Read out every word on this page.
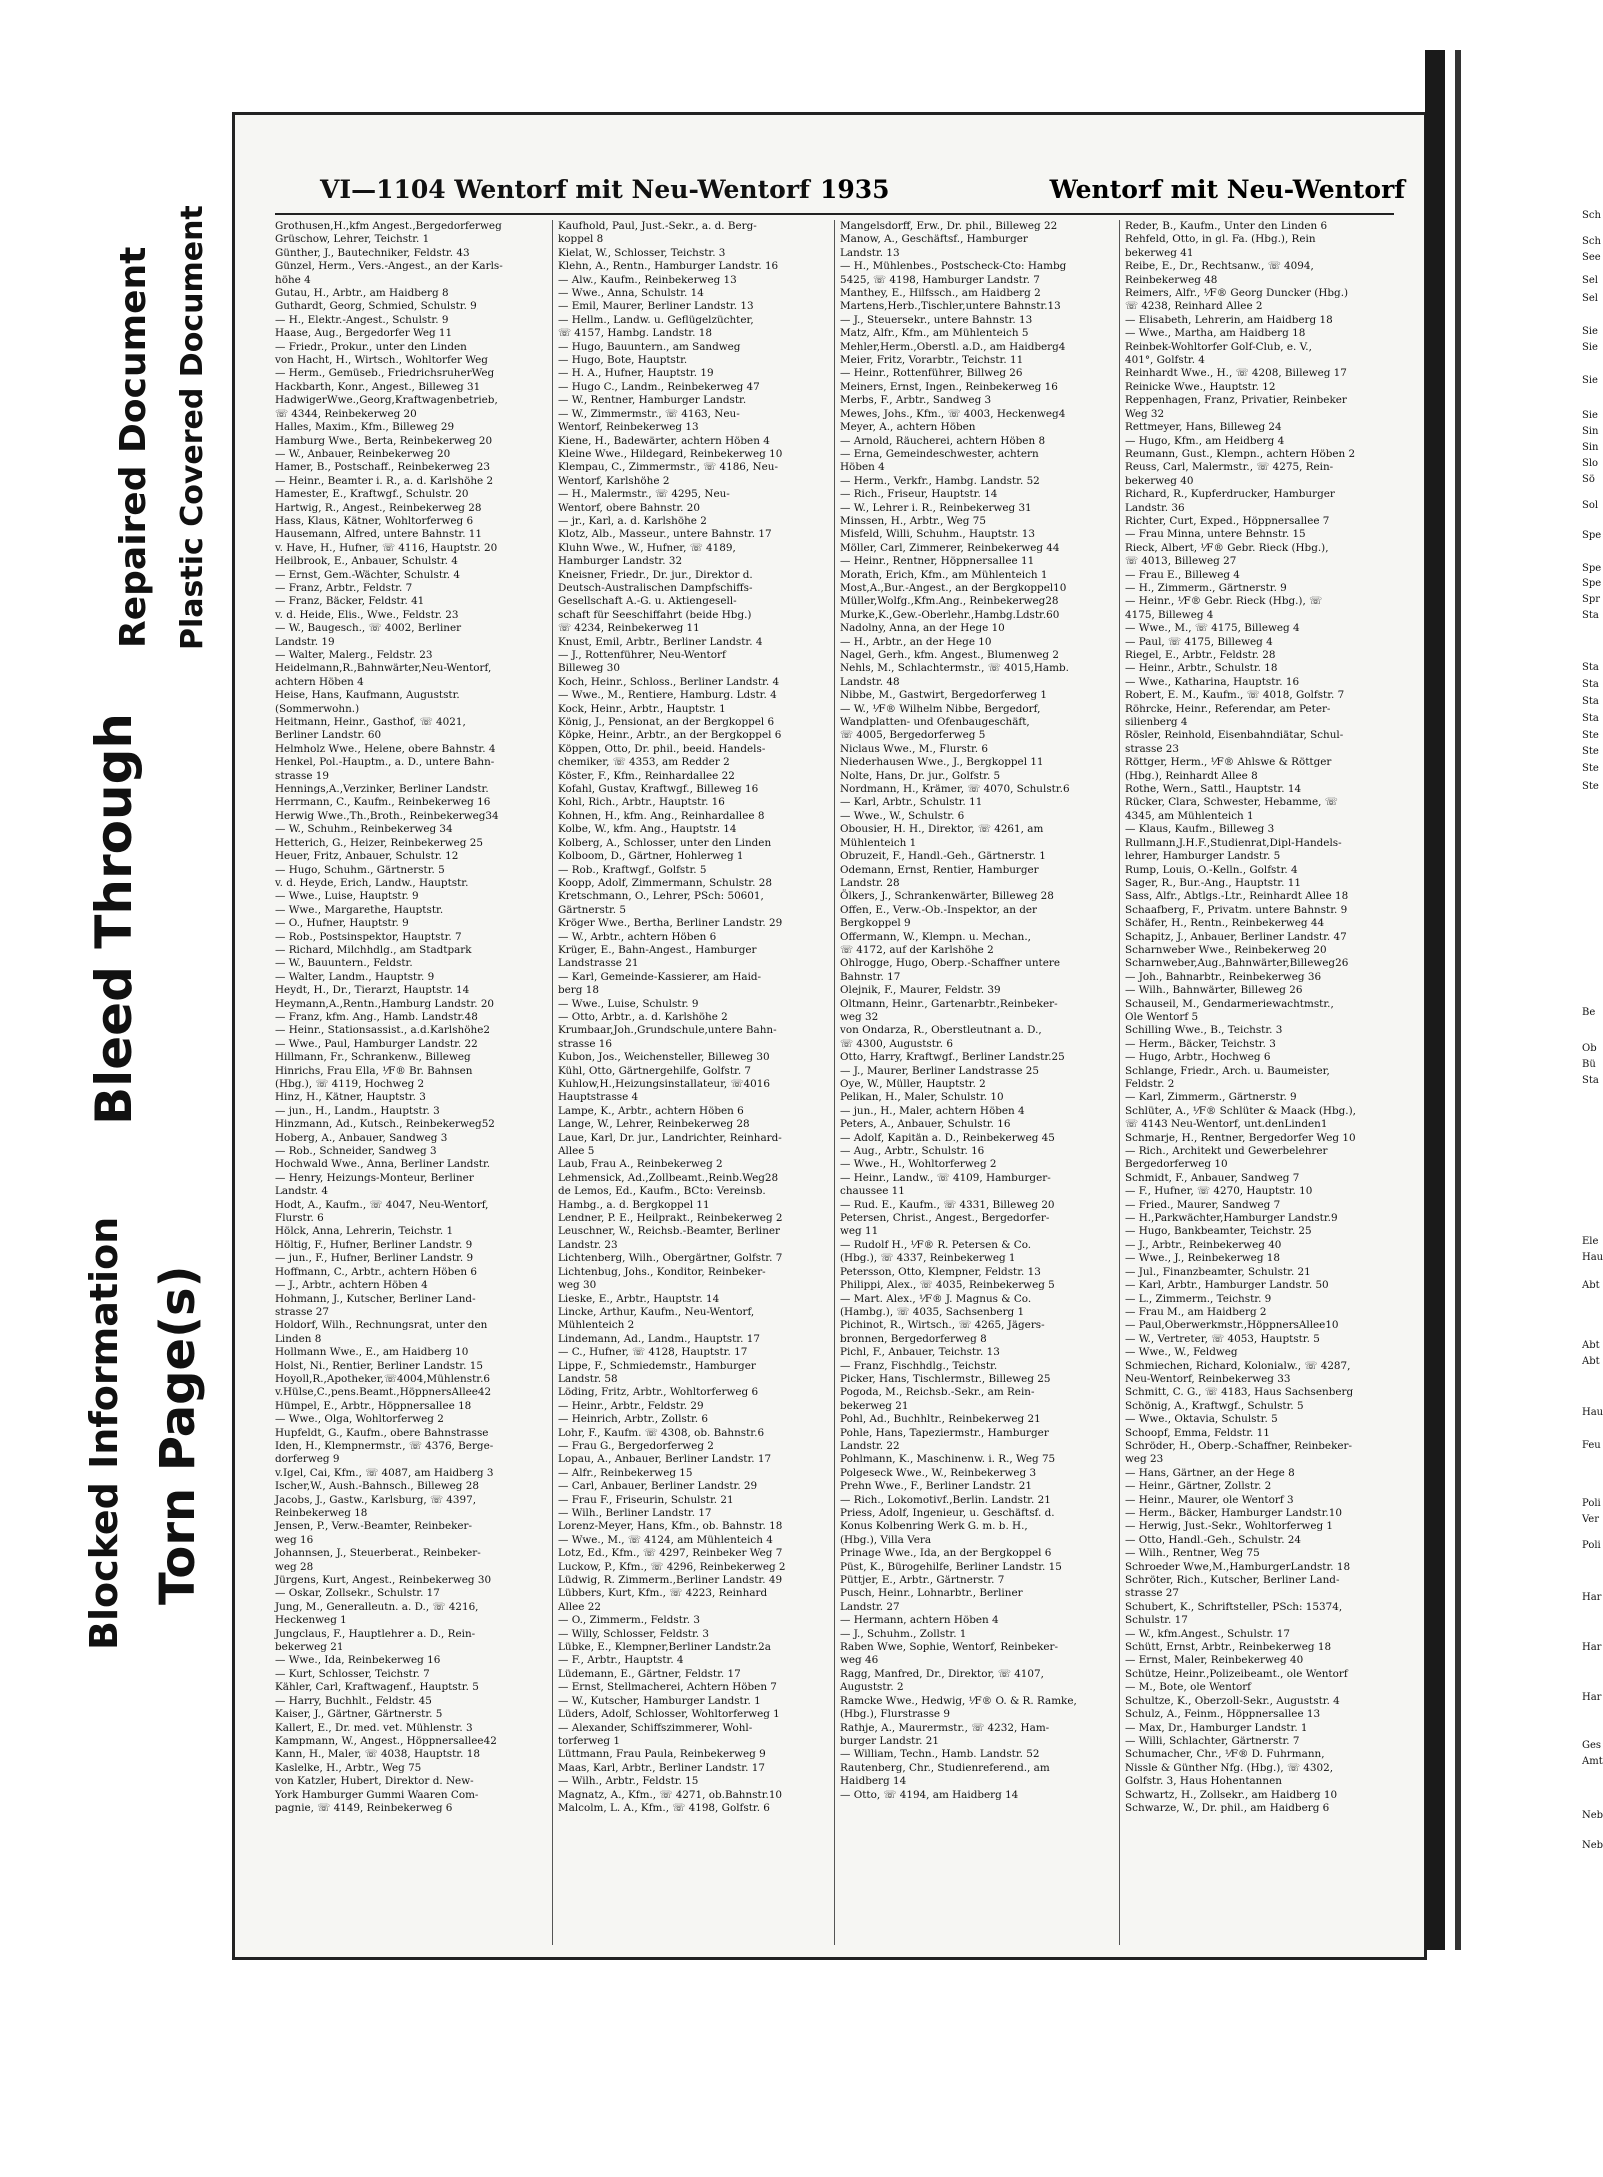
Blocked Information
Bleed Through
Torn Page(s)
Repaired Document Plastic Covered Document
VI—1104 Wentorf mit Neu-Wentorf 1935	Wentorf mit Neu-Wentorf
Grothusen,H.,kfm Angest.,Bergedorferweg
Grüschow, Lehrer, Teichstr. 1
Günther, J., Bautechniker, Feldstr. 43
Günzel, Herm., Vers.-Angest., an der Karls-
höhe 4
Gutau, H., Arbtr., am Haidberg 8
Guthardt, Georg, Schmied, Schulstr. 9
— H., Elektr.-Angest., Schulstr. 9
Haase, Aug., Bergedorfer Weg 11
— Friedr., Prokur., unter den Linden
von Hacht, H., Wirtsch., Wohltorfer Weg
— Herm., Gemüseb., FriedrichsruherWeg
Hackbarth, Konr., Angest., Billeweg 31
HadwigerWwe.,Georg,Kraftwagenbetrieb,
☏ 4344, Reinbekerweg 20
Halles, Maxim., Kfm., Billeweg 29
Hamburg Wwe., Berta, Reinbekerweg 20
— W., Anbauer, Reinbekerweg 20
Hamer, B., Postschaff., Reinbekerweg 23
— Heinr., Beamter i. R., a. d. Karlshöhe 2
Hamester, E., Kraftwgf., Schulstr. 20
Hartwig, R., Angest., Reinbekerweg 28
Hass, Klaus, Kätner, Wohltorferweg 6
Hausemann, Alfred, untere Bahnstr. 11
v. Have, H., Hufner, ☏ 4116, Hauptstr. 20
Heilbrook, E., Anbauer, Schulstr. 4
— Ernst, Gem.-Wächter, Schulstr. 4
— Franz, Arbtr., Feldstr. 7
— Franz, Bäcker, Feldstr. 41
v. d. Heide, Elis., Wwe., Feldstr. 23
— W., Baugesch., ☏ 4002, Berliner
Landstr. 19
— Walter, Malerg., Feldstr. 23
Heidelmann,R.,Bahnwärter,Neu-Wentorf,
achtern Höben 4
Heise, Hans, Kaufmann, Auguststr.
(Sommerwohn.)
Heitmann, Heinr., Gasthof, ☏ 4021,
Berliner Landstr. 60
Helmholz Wwe., Helene, obere Bahnstr. 4
Henkel, Pol.-Hauptm., a. D., untere Bahn-
strasse 19
Hennings,A.,Verzinker, Berliner Landstr.
Herrmann, C., Kaufm., Reinbekerweg 16
Herwig Wwe.,Th.,Broth., Reinbekerweg34
— W., Schuhm., Reinbekerweg 34
Hetterich, G., Heizer, Reinbekerweg 25
Heuer, Fritz, Anbauer, Schulstr. 12
— Hugo, Schuhm., Gärtnerstr. 5
v. d. Heyde, Erich, Landw., Hauptstr.
— Wwe., Luise, Hauptstr. 9
— Wwe., Margarethe, Hauptstr.
— O., Hufner, Hauptstr. 9
— Rob., Postsinspektor, Hauptstr. 7
— Richard, Milchhdlg., am Stadtpark
— W., Bauuntern., Feldstr.
— Walter, Landm., Hauptstr. 9
Heydt, H., Dr., Tierarzt, Hauptstr. 14
Heymann,A.,Rentn.,Hamburg Landstr. 20
— Franz, kfm. Ang., Hamb. Landstr.48
— Heinr., Stationsassist., a.d.Karlshöhe2
— Wwe., Paul, Hamburger Landstr. 22
Hillmann, Fr., Schrankenw., Billeweg
Hinrichs, Frau Ella, ⅟F® Br. Bahnsen
(Hbg.), ☏ 4119, Hochweg 2
Hinz, H., Kätner, Hauptstr. 3
— jun., H., Landm., Hauptstr. 3
Hinzmann, Ad., Kutsch., Reinbekerweg52
Hoberg, A., Anbauer, Sandweg 3
— Rob., Schneider, Sandweg 3
Hochwald Wwe., Anna, Berliner Landstr.
— Henry, Heizungs-Monteur, Berliner
Landstr. 4
Hodt, A., Kaufm., ☏ 4047, Neu-Wentorf,
Flurstr. 6
Hölck, Anna, Lehrerin, Teichstr. 1
Höltig, F., Hufner, Berliner Landstr. 9
— jun., F., Hufner, Berliner Landstr. 9
Hoffmann, C., Arbtr., achtern Höben 6
— J., Arbtr., achtern Höben 4
Hohmann, J., Kutscher, Berliner Land-
strasse 27
Holdorf, Wilh., Rechnungsrat, unter den
Linden 8
Hollmann Wwe., E., am Haidberg 10
Holst, Ni., Rentier, Berliner Landstr. 15
Hoyoll,R.,Apotheker,☏4004,Mühlenstr.6
v.Hülse,C.,pens.Beamt.,HöppnersAllee42
Hümpel, E., Arbtr., Höppnersallee 18
— Wwe., Olga, Wohltorferweg 2
Hupfeldt, G., Kaufm., obere Bahnstrasse
Iden, H., Klempnermstr., ☏ 4376, Berge-
dorferweg 9
v.Igel, Cai, Kfm., ☏ 4087, am Haidberg 3
Ischer,W., Aush.-Bahnsch., Billeweg 28
Jacobs, J., Gastw., Karlsburg, ☏ 4397,
Reinbekerweg 18
Jensen, P., Verw.-Beamter, Reinbeker-
weg 16
Johannsen, J., Steuerberat., Reinbeker-
weg 28
Jürgens, Kurt, Angest., Reinbekerweg 30
— Oskar, Zollsekr., Schulstr. 17
Jung, M., Generalleutn. a. D., ☏ 4216,
Heckenweg 1
Jungclaus, F., Hauptlehrer a. D., Rein-
bekerweg 21
— Wwe., Ida, Reinbekerweg 16
— Kurt, Schlosser, Teichstr. 7
Kähler, Carl, Kraftwagenf., Hauptstr. 5
— Harry, Buchhlt., Feldstr. 45
Kaiser, J., Gärtner, Gärtnerstr. 5
Kallert, E., Dr. med. vet. Mühlenstr. 3
Kampmann, W., Angest., Höppnersallee42
Kann, H., Maler, ☏ 4038, Hauptstr. 18
Kaslelke, H., Arbtr., Weg 75
von Katzler, Hubert, Direktor d. New-
York Hamburger Gummi Waaren Com-
pagnie, ☏ 4149, Reinbekerweg 6
Kaufhold, Paul, Just.-Sekr., a. d. Berg-
koppel 8
Kielat, W., Schlosser, Teichstr. 3
Klehn, A., Rentn., Hamburger Landstr. 16
— Alw., Kaufm., Reinbekerweg 13
— Wwe., Anna, Schulstr. 14
— Emil, Maurer, Berliner Landstr. 13
— Hellm., Landw. u. Geflügelzüchter,
☏ 4157, Hambg. Landstr. 18
— Hugo, Bauuntern., am Sandweg
— Hugo, Bote, Hauptstr.
— H. A., Hufner, Hauptstr. 19
— Hugo C., Landm., Reinbekerweg 47
— W., Rentner, Hamburger Landstr.
— W., Zimmermstr., ☏ 4163, Neu-
Wentorf, Reinbekerweg 13
Kiene, H., Badewärter, achtern Höben 4
Kleine Wwe., Hildegard, Reinbekerweg 10
Klempau, C., Zimmermstr., ☏ 4186, Neu-
Wentorf, Karlshöhe 2
— H., Malermstr., ☏ 4295, Neu-
Wentorf, obere Bahnstr. 20
— jr., Karl, a. d. Karlshöhe 2
Klotz, Alb., Masseur., untere Bahnstr. 17
Kluhn Wwe., W., Hufner, ☏ 4189,
Hamburger Landstr. 32
Kneisner, Friedr., Dr. jur., Direktor d.
Deutsch-Australischen Dampfschiffs-
Gesellschaft A.-G. u. Aktiengesell-
schaft für Seeschiffahrt (beide Hbg.)
☏ 4234, Reinbekerweg 11
Knust, Emil, Arbtr., Berliner Landstr. 4
— J., Rottenführer, Neu-Wentorf
Billeweg 30
Koch, Heinr., Schloss., Berliner Landstr. 4
— Wwe., M., Rentiere, Hamburg. Ldstr. 4
Kock, Heinr., Arbtr., Hauptstr. 1
König, J., Pensionat, an der Bergkoppel 6
Köpke, Heinr., Arbtr., an der Bergkoppel 6
Köppen, Otto, Dr. phil., beeid. Handels-
chemiker, ☏ 4353, am Redder 2
Köster, F., Kfm., Reinhardallee 22
Kofahl, Gustav, Kraftwgf., Billeweg 16
Kohl, Rich., Arbtr., Hauptstr. 16
Kohnen, H., kfm. Ang., Reinhardallee 8
Kolbe, W., kfm. Ang., Hauptstr. 14
Kolberg, A., Schlosser, unter den Linden
Kolboom, D., Gärtner, Hohlerweg 1
— Rob., Kraftwgf., Golfstr. 5
Koopp, Adolf, Zimmermann, Schulstr. 28
Kretschmann, O., Lehrer, PSch: 50601,
Gärtnerstr. 5
Kröger Wwe., Bertha, Berliner Landstr. 29
— W., Arbtr., achtern Höben 6
Krüger, E., Bahn-Angest., Hamburger
Landstrasse 21
— Karl, Gemeinde-Kassierer, am Haid-
berg 18
— Wwe., Luise, Schulstr. 9
— Otto, Arbtr., a. d. Karlshöhe 2
Krumbaar,Joh.,Grundschule,untere Bahn-
strasse 16
Kubon, Jos., Weichensteller, Billeweg 30
Kühl, Otto, Gärtnergehilfe, Golfstr. 7
Kuhlow,H.,Heizungsinstallateur, ☏4016
Hauptstrasse 4
Lampe, K., Arbtr., achtern Höben 6
Lange, W., Lehrer, Reinbekerweg 28
Laue, Karl, Dr. jur., Landrichter, Reinhard-
Allee 5
Laub, Frau A., Reinbekerweg 2
Lehmensick, Ad.,Zollbeamt.,Reinb.Weg28
de Lemos, Ed., Kaufm., BCto: Vereinsb.
Hambg., a. d. Bergkoppel 11
Lendner, P. E., Heilprakt., Reinbekerweg 2
Leuschner, W., Reichsb.-Beamter, Berliner
Landstr. 23
Lichtenberg, Wilh., Obergärtner, Golfstr. 7
Lichtenbug, Johs., Konditor, Reinbeker-
weg 30
Lieske, E., Arbtr., Hauptstr. 14
Lincke, Arthur, Kaufm., Neu-Wentorf,
Mühlenteich 2
Lindemann, Ad., Landm., Hauptstr. 17
— C., Hufner, ☏ 4128, Hauptstr. 17
Lippe, F., Schmiedemstr., Hamburger
Landstr. 58
Löding, Fritz, Arbtr., Wohltorferweg 6
— Heinr., Arbtr., Feldstr. 29
— Heinrich, Arbtr., Zollstr. 6
Lohr, F., Kaufm. ☏ 4308, ob. Bahnstr.6
— Frau G., Bergedorferweg 2
Lopau, A., Anbauer, Berliner Landstr. 17
— Alfr., Reinbekerweg 15
— Carl, Anbauer, Berliner Landstr. 29
— Frau F., Friseurin, Schulstr. 21
— Wilh., Berliner Landstr. 17
Lorenz-Meyer, Hans, Kfm., ob. Bahnstr. 18
— Wwe., M., ☏ 4124, am Mühlenteich 4
Lotz, Ed., Kfm., ☏ 4297, Reinbeker Weg 7
Luckow, P., Kfm., ☏ 4296, Reinbekerweg 2
Lüdwig, R. Zimmerm.,Berliner Landstr. 49
Lübbers, Kurt, Kfm., ☏ 4223, Reinhard
Allee 22
— O., Zimmerm., Feldstr. 3
— Willy, Schlosser, Feldstr. 3
Lübke, E., Klempner,Berliner Landstr.2a
— F., Arbtr., Hauptstr. 4
Lüdemann, E., Gärtner, Feldstr. 17
— Ernst, Stellmacherei, Achtern Höben 7
— W., Kutscher, Hamburger Landstr. 1
Lüders, Adolf, Schlosser, Wohltorferweg 1
— Alexander, Schiffszimmerer, Wohl-
torferweg 1
Lüttmann, Frau Paula, Reinbekerweg 9
Maas, Karl, Arbtr., Berliner Landstr. 17
— Wilh., Arbtr., Feldstr. 15
Magnatz, A., Kfm., ☏ 4271, ob.Bahnstr.10
Malcolm, L. A., Kfm., ☏ 4198, Golfstr. 6
Mangelsdorff, Erw., Dr. phil., Billeweg 22
Manow, A., Geschäftsf., Hamburger
Landstr. 13
— H., Mühlenbes., Postscheck-Cto: Hambg
5425, ☏ 4198, Hamburger Landstr. 7
Manthey, E., Hilfssch., am Haidberg 2
Martens,Herb.,Tischler,untere Bahnstr.13
— J., Steuersekr., untere Bahnstr. 13
Matz, Alfr., Kfm., am Mühlenteich 5
Mehler,Herm.,Oberstl. a.D., am Haidberg4
Meier, Fritz, Vorarbtr., Teichstr. 11
— Heinr., Rottenführer, Billweg 26
Meiners, Ernst, Ingen., Reinbekerweg 16
Merbs, F., Arbtr., Sandweg 3
Mewes, Johs., Kfm., ☏ 4003, Heckenweg4
Meyer, A., achtern Höben
— Arnold, Räucherei, achtern Höben 8
— Erna, Gemeindeschwester, achtern
Höben 4
— Herm., Verkfr., Hambg. Landstr. 52
— Rich., Friseur, Hauptstr. 14
— W., Lehrer i. R., Reinbekerweg 31
Minssen, H., Arbtr., Weg 75
Misfeld, Willi, Schuhm., Hauptstr. 13
Möller, Carl, Zimmerer, Reinbekerweg 44
— Heinr., Rentner, Höppnersallee 11
Morath, Erich, Kfm., am Mühlenteich 1
Most,A.,Bur.-Angest., an der Bergkoppel10
Müller,Wolfg.,Kfm.Ang., Reinbekerweg28
Murke,K.,Gew.-Oberlehr.,Hambg.Ldstr.60
Nadolny, Anna, an der Hege 10
— H., Arbtr., an der Hege 10
Nagel, Gerh., kfm. Angest., Blumenweg 2
Nehls, M., Schlachtermstr., ☏ 4015,Hamb.
Landstr. 48
Nibbe, M., Gastwirt, Bergedorferweg 1
— W., ⅟F® Wilhelm Nibbe, Bergedorf,
Wandplatten- und Ofenbaugeschäft,
☏ 4005, Bergedorferweg 5
Niclaus Wwe., M., Flurstr. 6
Niederhausen Wwe., J., Bergkoppel 11
Nolte, Hans, Dr. jur., Golfstr. 5
Nordmann, H., Krämer, ☏ 4070, Schulstr.6
— Karl, Arbtr., Schulstr. 11
— Wwe., W., Schulstr. 6
Obousier, H. H., Direktor, ☏ 4261, am
Mühlenteich 1
Obruzeit, F., Handl.-Geh., Gärtnerstr. 1
Odemann, Ernst, Rentier, Hamburger
Landstr. 28
Ölkers, J., Schrankenwärter, Billeweg 28
Offen, E., Verw.-Ob.-Inspektor, an der
Bergkoppel 9
Offermann, W., Klempn. u. Mechan.,
☏ 4172, auf der Karlshöhe 2
Ohlrogge, Hugo, Oberp.-Schaffner untere
Bahnstr. 17
Olejnik, F., Maurer, Feldstr. 39
Oltmann, Heinr., Gartenarbtr.,Reinbeker-
weg 32
von Ondarza, R., Oberstleutnant a. D.,
☏ 4300, Auguststr. 6
Otto, Harry, Kraftwgf., Berliner Landstr.25
— J., Maurer, Berliner Landstrasse 25
Oye, W., Müller, Hauptstr. 2
Pelikan, H., Maler, Schulstr. 10
— jun., H., Maler, achtern Höben 4
Peters, A., Anbauer, Schulstr. 16
— Adolf, Kapitän a. D., Reinbekerweg 45
— Aug., Arbtr., Schulstr. 16
— Wwe., H., Wohltorferweg 2
— Heinr., Landw., ☏ 4109, Hamburger-
chaussee 11
— Rud. E., Kaufm., ☏ 4331, Billeweg 20
Petersen, Christ., Angest., Bergedorfer-
weg 11
— Rudolf H., ⅟F® R. Petersen & Co.
(Hbg.), ☏ 4337, Reinbekerweg 1
Petersson, Otto, Klempner, Feldstr. 13
Philippi, Alex., ☏ 4035, Reinbekerweg 5
— Mart. Alex., ⅟F® J. Magnus & Co.
(Hambg.), ☏ 4035, Sachsenberg 1
Pichinot, R., Wirtsch., ☏ 4265, Jägers-
bronnen, Bergedorferweg 8
Pichl, F., Anbauer, Teichstr. 13
— Franz, Fischhdlg., Teichstr.
Picker, Hans, Tischlermstr., Billeweg 25
Pogoda, M., Reichsb.-Sekr., am Rein-
bekerweg 21
Pohl, Ad., Buchhltr., Reinbekerweg 21
Pohle, Hans, Tapeziermstr., Hamburger
Landstr. 22
Pohlmann, K., Maschinenw. i. R., Weg 75
Polgeseck Wwe., W., Reinbekerweg 3
Prehn Wwe., F., Berliner Landstr. 21
— Rich., Lokomotivf.,Berlin. Landstr. 21
Priess, Adolf, Ingenieur, u. Geschäftsf. d.
Konus Kolbenring Werk G. m. b. H.,
(Hbg.), Villa Vera
Prinage Wwe., Ida, an der Bergkoppel 6
Püst, K., Bürogehilfe, Berliner Landstr. 15
Püttjer, E., Arbtr., Gärtnerstr. 7
Pusch, Heinr., Lohnarbtr., Berliner
Landstr. 27
— Hermann, achtern Höben 4
— J., Schuhm., Zollstr. 1
Raben Wwe, Sophie, Wentorf, Reinbeker-
weg 46
Ragg, Manfred, Dr., Direktor, ☏ 4107,
Auguststr. 2
Ramcke Wwe., Hedwig, ⅟F® O. & R. Ramke,
(Hbg.), Flurstrasse 9
Rathje, A., Maurermstr., ☏ 4232, Ham-
burger Landstr. 21
— William, Techn., Hamb. Landstr. 52
Rautenberg, Chr., Studienreferend., am
Haidberg 14
— Otto, ☏ 4194, am Haidberg 14
Reder, B., Kaufm., Unter den Linden 6
Rehfeld, Otto, in gl. Fa. (Hbg.), Rein
bekerweg 41
Reibe, E., Dr., Rechtsanw., ☏ 4094,
Reinbekerweg 48
Reimers, Alfr., ⅟F® Georg Duncker (Hbg.)
☏ 4238, Reinhard Allee 2
— Elisabeth, Lehrerin, am Haidberg 18
— Wwe., Martha, am Haidberg 18
Reinbek-Wohltorfer Golf-Club, e. V.,
401°, Golfstr. 4
Reinhardt Wwe., H., ☏ 4208, Billeweg 17
Reinicke Wwe., Hauptstr. 12
Reppenhagen, Franz, Privatier, Reinbeker
Weg 32
Rettmeyer, Hans, Billeweg 24
— Hugo, Kfm., am Heidberg 4
Reumann, Gust., Klempn., achtern Höben 2
Reuss, Carl, Malermstr., ☏ 4275, Rein-
bekerweg 40
Richard, R., Kupferdrucker, Hamburger
Landstr. 36
Richter, Curt, Exped., Höppnersallee 7
— Frau Minna, untere Behnstr. 15
Rieck, Albert, ⅟F® Gebr. Rieck (Hbg.),
☏ 4013, Billeweg 27
— Frau E., Billeweg 4
— H., Zimmerm., Gärtnerstr. 9
— Heinr., ⅟F® Gebr. Rieck (Hbg.), ☏
4175, Billeweg 4
— Wwe., M., ☏ 4175, Billeweg 4
— Paul, ☏ 4175, Billeweg 4
Riegel, E., Arbtr., Feldstr. 28
— Heinr., Arbtr., Schulstr. 18
— Wwe., Katharina, Hauptstr. 16
Robert, E. M., Kaufm., ☏ 4018, Golfstr. 7
Röhrcke, Heinr., Referendar, am Peter-
silienberg 4
Rösler, Reinhold, Eisenbahndiätar, Schul-
strasse 23
Röttger, Herm., ⅟F® Ahlswe & Röttger
(Hbg.), Reinhardt Allee 8
Rothe, Wern., Sattl., Hauptstr. 14
Rücker, Clara, Schwester, Hebamme, ☏
4345, am Mühlenteich 1
— Klaus, Kaufm., Billeweg 3
Rullmann,J.H.F.,Studienrat,Dipl-Handels-
lehrer, Hamburger Landstr. 5
Rump, Louis, O.-Kelln., Golfstr. 4
Sager, R., Bur.-Ang., Hauptstr. 11
Sass, Alfr., Abtlgs.-Ltr., Reinhardt Allee 18
Schaafberg, F., Privatm. untere Bahnstr. 9
Schäfer, H., Rentn., Reinbekerweg 44
Schapitz, J., Anbauer, Berliner Landstr. 47
Scharnweber Wwe., Reinbekerweg 20
Scharnweber,Aug.,Bahnwärter,Billeweg26
— Joh., Bahnarbtr., Reinbekerweg 36
— Wilh., Bahnwärter, Billeweg 26
Schauseil, M., Gendarmeriewachtmstr.,
Ole Wentorf 5
Schilling Wwe., B., Teichstr. 3
— Herm., Bäcker, Teichstr. 3
— Hugo, Arbtr., Hochweg 6
Schlange, Friedr., Arch. u. Baumeister,
Feldstr. 2
— Karl, Zimmerm., Gärtnerstr. 9
Schlüter, A., ⅟F® Schlüter & Maack (Hbg.),
☏ 4143 Neu-Wentorf, unt.denLinden1
Schmarje, H., Rentner, Bergedorfer Weg 10
— Rich., Architekt und Gewerbelehrer
Bergedorferweg 10
Schmidt, F., Anbauer, Sandweg 7
— F., Hufner, ☏ 4270, Hauptstr. 10
— Fried., Maurer, Sandweg 7
— H.,Parkwächter,Hamburger Landstr.9
— Hugo, Bankbeamter, Teichstr. 25
— J., Arbtr., Reinbekerweg 40
— Wwe., J., Reinbekerweg 18
— Jul., Finanzbeamter, Schulstr. 21
— Karl, Arbtr., Hamburger Landstr. 50
— L., Zimmerm., Teichstr. 9
— Frau M., am Haidberg 2
— Paul,Oberwerkmstr.,HöppnersAllee10
— W., Vertreter, ☏ 4053, Hauptstr. 5
— Wwe., W., Feldweg
Schmiechen, Richard, Kolonialw., ☏ 4287,
Neu-Wentorf, Reinbekerweg 33
Schmitt, C. G., ☏ 4183, Haus Sachsenberg
Schönig, A., Kraftwgf., Schulstr. 5
— Wwe., Oktavia, Schulstr. 5
Schoopf, Emma, Feldstr. 11
Schröder, H., Oberp.-Schaffner, Reinbeker-
weg 23
— Hans, Gärtner, an der Hege 8
— Heinr., Gärtner, Zollstr. 2
— Heinr., Maurer, ole Wentorf 3
— Herm., Bäcker, Hamburger Landstr.10
— Herwig, Just.-Sekr., Wohltorferweg 1
— Otto, Handl.-Geh., Schulstr. 24
— Wilh., Rentner, Weg 75
Schroeder Wwe,M.,HamburgerLandstr. 18
Schröter, Rich., Kutscher, Berliner Land-
strasse 27
Schubert, K., Schriftsteller, PSch: 15374,
Schulstr. 17
— W., kfm.Angest., Schulstr. 17
Schütt, Ernst, Arbtr., Reinbekerweg 18
— Ernst, Maler, Reinbekerweg 40
Schütze, Heinr.,Polizeibeamt., ole Wentorf
— M., Bote, ole Wentorf
Schultze, K., Oberzoll-Sekr., Auguststr. 4
Schulz, A., Feinm., Höppnersallee 13
— Max, Dr., Hamburger Landstr. 1
— Willi, Schlachter, Gärtnerstr. 7
Schumacher, Chr., ⅟F® D. Fuhrmann,
Nissle & Günther Nfg. (Hbg.), ☏ 4302,
Golfstr. 3, Haus Hohentannen
Schwartz, H., Zollsekr., am Haidberg 10
Schwarze, W., Dr. phil., am Haidberg 6
Sch
Sch
See
Sel
Sel
Sie
Sie
Sie
Sie
Sin
Sin
Slo
Sö
Sol
Spe
Spe
Spe
Spr
Sta
Sta
Sta
Sta
Sta
Ste
Ste
Ste
Ste
Be
Ob
Bü
Sta
Ele
Hau
Abt
Abt
Abt
Hau
Feu
Poli
Ver
Poli
Har
Har
Har
Ges
Amt
Neb
Neb
